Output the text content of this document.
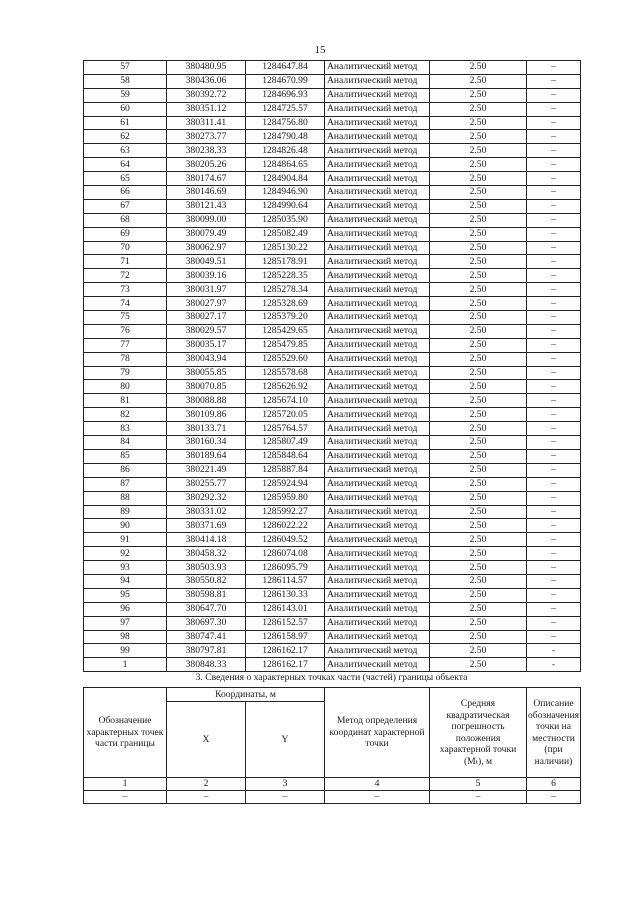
15
57	380480.95	1284647.84	Аналитический метод	2.50	–
58	380436.06	1284670.99	Аналитический метод	2.50	–
59	380392.72	1284696.93	Аналитический метод	2.50	–
60	380351.12	1284725.57	Аналитический метод	2.50	–
61	380311.41	1284756.80	Аналитический метод	2.50	–
62	380273.77	1284790.48	Аналитический метод	2.50	–
63	380238.33	1284826.48	Аналитический метод	2.50	–
64	380205.26	1284864.65	Аналитический метод	2.50	–
65	380174.67	1284904.84	Аналитический метод	2.50	–
66	380146.69	1284946.90	Аналитический метод	2.50	–
67	380121.43	1284990.64	Аналитический метод	2.50	–
68	380099.00	1285035.90	Аналитический метод	2.50	–
69	380079.49	1285082.49	Аналитический метод	2.50	–
70	380062.97	1285130.22	Аналитический метод	2.50	–
71	380049.51	1285178.91	Аналитический метод	2.50	–
72	380039.16	1285228.35	Аналитический метод	2.50	–
73	380031.97	1285278.34	Аналитический метод	2.50	–
74	380027.97	1285328.69	Аналитический метод	2.50	–
75	380027.17	1285379.20	Аналитический метод	2.50	–
76	380029.57	1285429.65	Аналитический метод	2.50	–
77	380035.17	1285479.85	Аналитический метод	2.50	–
78	380043.94	1285529.60	Аналитический метод	2.50	–
79	380055.85	1285578.68	Аналитический метод	2.50	–
80	380070.85	1285626.92	Аналитический метод	2.50	–
81	380088.88	1285674.10	Аналитический метод	2.50	–
82	380109.86	1285720.05	Аналитический метод	2.50	–
83	380133.71	1285764.57	Аналитический метод	2.50	–
84	380160.34	1285807.49	Аналитический метод	2.50	–
85	380189.64	1285848.64	Аналитический метод	2.50	–
86	380221.49	1285887.84	Аналитический метод	2.50	–
87	380255.77	1285924.94	Аналитический метод	2.50	–
88	380292.32	1285959.80	Аналитический метод	2.50	–
89	380331.02	1285992.27	Аналитический метод	2.50	–
90	380371.69	1286022.22	Аналитический метод	2.50	–
91	380414.18	1286049.52	Аналитический метод	2.50	–
92	380458.32	1286074.08	Аналитический метод	2.50	–
93	380503.93	1286095.79	Аналитический метод	2.50	–
94	380550.82	1286114.57	Аналитический метод	2.50	–
95	380598.81	1286130.33	Аналитический метод	2.50	–
96	380647.70	1286143.01	Аналитический метод	2.50	–
97	380697.30	1286152.57	Аналитический метод	2.50	–
98	380747.41	1286158.97	Аналитический метод	2.50	–
99	380797.81	1286162.17	Аналитический метод	2.50	-
1	380848.33	1286162.17	Аналитический метод	2.50	-
3. Сведения о характерных точках части (частей) границы объекта
Обозначение характерных точек части границы	Координаты, м		Метод определения координат характерной точки	Средняя квадратическая погрешность положения характерной точки (Мₜ), м	Описание обозначения точки на местности (при наличии)
	X	Y			
1	2	3	4	5	6
–	–	–	–	–	–
